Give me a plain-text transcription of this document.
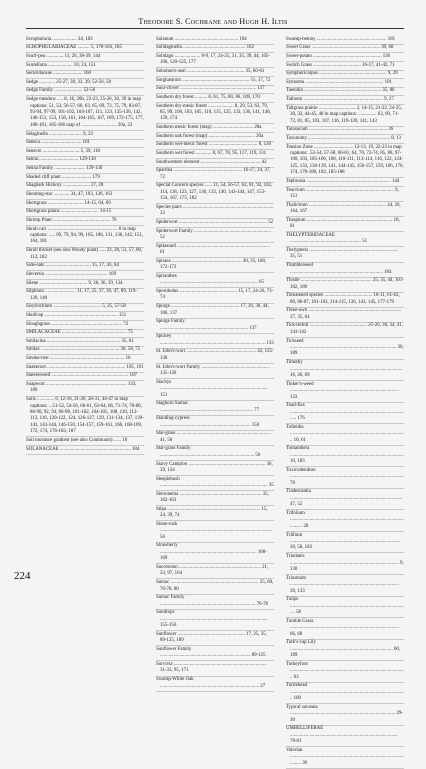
Theodore S. Cochrane and Hugh H. Iltis
Scrophularia .................... 34, 183
SCROPHULARIACEAE .......... 5, 178-183, 185
Scurf-pea .............. 11, 26, 38-39, 144
Scutellaria .................... 10, 24, 151
Securidaceae ........................ 160
Sedge ............. 25-27, 30, 33, 39, 52-56, 58
Sedge Family ....................... 52-56
Sedge meadow ..... 8, 16, 20b, 22-23, 25-26, 30, 39 in map captions: 51, 53, 56-57, 60, 63, 65, 69, 72, 75, 79, 83-87, 93-94, 97-99, 101-102, 104-107, 111, 123, 135-136, 142, 146-151, 153, 156, 161, 164-165, 167, 169, 172-175, 177, 180-181, 185-186 map of ............................. 20a, 23
Selaginella ........................... 9, 23
Seneca ................................. 161
Senecio .............................. 5, 39, 118
Senna ................................ 129-130
Senna Family ......................... 129-130
Shaded cliff plant ........................ 179
Shagbark Hickory ...................... 27, 28
Shooting-star ............. 34, 47, 103, 126, 162
Shortgrass ............................. 14-15, 64, 69
Shortgrass plains ............................... 14-15
Shrimp Plant ............................................... 76
Shrub carr ......................................................... 8 in map captions: ..... 69, 79, 94, 99, 105, 108, 131, 136, 142, 151, 164, 181
Shrub thicket (see also Woody plant) ..... 23, 28, 51, 57, 80, 112, 182
Side-oats ..................................... 15, 17, 43, 64
Sieversia ................................................... 169
Silene ....................................... 9, 26, 36, 39, 134
Silphium ......................... 11, 17, 25, 37, 39, 47, 89, 119-120, 140
Sisyrinchium ....................................... 5, 25, 57-58
Skullcap ............................................................ 151
Sloughgrass .......................................................... 72
SMILACACEAE ..................................................... 75
Smilacina ............................................................ 35, 61
Smilax ................................................................ 30, 58, 75
Smoke-tree ............................................................. 16
Snakeroot ................................................................ 105, 161
Sneezeweed ............................................................... 107
Soapwort .................................................................. 133, 189
Soils .............. 6, 12-16, 21-26, 28-31, 44-47 in map captions: ...51-52, 54-56, 60-61, 63-64, 66, 71-74, 78-80, 86-90, 92, 94, 96-98, 101-102, 104-105, 108, 110, 112-113, 116, 120-122, 124, 126-127, 129, 131-134, 137, 139-141, 143-144, 146-150, 154-157, 159-161, 166, 168-169, 172, 174, 176-183, 187
Soil moisture gradient (see also Continuum) ...... 16
SOLANACEAE .......................................................... 184
Solanum .................................................... 184
Solidaginella ................................................... 162
Solidago ..................... 8-9, 17, 24-25, 31, 35, 39, 44, 105-106, 120-125, 177
Solomon's-seal ............................................... 35, 60-61
Sorghastrum ....................................................... 15, 17, 72
Sour-clover .............................................................. 137
Southern dry forest .......... 8, 61, 75, 80, 86, 109, 170
Southern dry-mesic forest ..................... 8, 29, 53, 63, 79, 85, 99, 100, 103, 105, 110, 115, 125, 133, 136, 141, 148, 159, 174
Southern mesic forest (map) ................................. 20a
Southern oak forest (map) ...................................... 20a
Southern wet-mesic forest ........................................ 8, 130
Southern wet forest ............. 8, 67, 78, 95, 117, 119, 131
Southwestern element ................................................. 42
Spartina ........................................................ 16-17, 24, 37, 72
Special Concern species ...... 11, 54, 56-57, 62, 81, 92, 102, 114, 118, 123, 127, 130, 133, 140, 143-144, 147, 153-154, 167, 175, 182
Species pairs .......................................................................... 33
Spiderwort ........................................................................ 52
Spiderwort Family ............................................................... 52
Spikenard ............................................................................ 61
Spiraea ......................................................... 30, 35, 168, 172-173
Spiranthes ................................................................................ 65
Sporobolus ............................................... 15, 17, 24-26, 73-74
Spurge ........................................................ 17, 26, 30, 44, 106, 137
Spurge Family ........................................................................ 137
Spurrey ...................................................................................... 133
St. John's-wort ......................................................... 42, 135-136
St. John's-wort Family ........................................................ 135-136
Stachys ........................................................................................ 151
Staghorn Sumac ............................................................................ 77
Standing-cypress .......................................................................... 158
Star-grass ............................................................................. 41, 56
Star-grass Family ............................................................................. 56
Starry Campion ............................................................... 36, 39, 134
Steeplebush ........................................................................................ 35
Steironema ................................................................... 35, 162-163
Stipa ............................................................................ 15, 24, 39, 74
Stone-rush ............................................................................................ 56
Strawberry ............................................................................... 168-169
Succession ................................................................... 21, 33, 97, 164
Sumac ........................................................................ 25, 60, 76-78, 80
Sumac Family .............................................................................. 76-78
Sundrops ........................................................................................ 155-156
Sunflower ....................................................... 17, 25, 35, 89-125, 189
Sunflower Family .......................................................................... 89-125
Survivia ............................................................................ 31-33, 95, 171
Swamp-White Oak ................................................................................. 27
Swamp-betony ......................................................... 181
Sweet Grass ........................................................ 39, 68
Sweet-potato ........................................................ 136
Switch Grass ....................................... 16-17, 41-42, 71
Symphoricarpos ....................................................... 9, 39
Synosma ................................................................ 101
Taenidia ............................................................... 35, 80
Talinum ................................................................. 9, 27
Tallgrass prairie .............................. 2, 14-15, 21-22, 24-25, 30, 33, 44-45, 48 in map captions: ............... 63, 69, 71-72, 81, 85, 103, 107, 116, 119-120, 141, 143
Taraxacum ................................................................ 26
Taxonomy ................................................................... 8, 13
Tension Zone ................................ 12-13, 19, 22-23 in map captions: .53-54, 57-58, 60-61, 64, 70, 72-74, 85, 88, 97-100, 103, 105-106, 108, 110-111, 113-114, 116, 122, 124-125, 133, 138-139, 141, 144-145, 156-157, 159, 166, 170, 174, 178-180, 182, 185-188
Tephrosia ..................................................................... 144
Teucrium ........................................................................ 9, 151
Thalictrum ............................................................... 24, 26, 164, 167
Thaspium ...................................................................... 10, 81
THELYPTERIDACEAE .......................................................... 51
Thelypteris ........................................................................ 35, 51
Thimbleweed ............................................................................ 164
Thistle .......................................................... 25, 35, 44, 101-102, 189
Threatened species ....................................... 10-11, 61-62, 80, 86-87, 101-103, 114-115, 136, 143, 145, 177-179
Three-awn ............................................................................ 27, 35, 64
Tick-trefoil ............................................... 25-26, 30, 34, 41, 141-142
Tickseed ....................................................................................... 30, 189
Timothy ............................................................................................ 16, 26, 69
Tinker's-weed ......................................................................................... 133
Toad-flax .................................................................................................. 176
Tofieldia ............................................................................................... 10, 61
Tomanthera ............................................................................................. 10, 183
Toxicodendron ............................................................................................. 78
Tradescantia ............................................................................................ 47, 52
Trifolium ....................................................................................................... 26
Trillium .......................................................................................... 30, 58, 183
Triodanis ......................................................................................... 9, 130
Triosteum ......................................................................................... 39, 133
Tulips ................................................................................................. 58
Tumble Grass ......................................................................................... 66, 68
Turk's-cap Lily .................................................................................... 60, 189
Turkeyfoot ............................................................................................... 63
Turtlehead ............................................................................................... 180
Typical savanna ...................................................................................... 29-30
UMBELLIFERAE ........................................................................................ 78-81
Valerian ...................................................................................................... 39
224
